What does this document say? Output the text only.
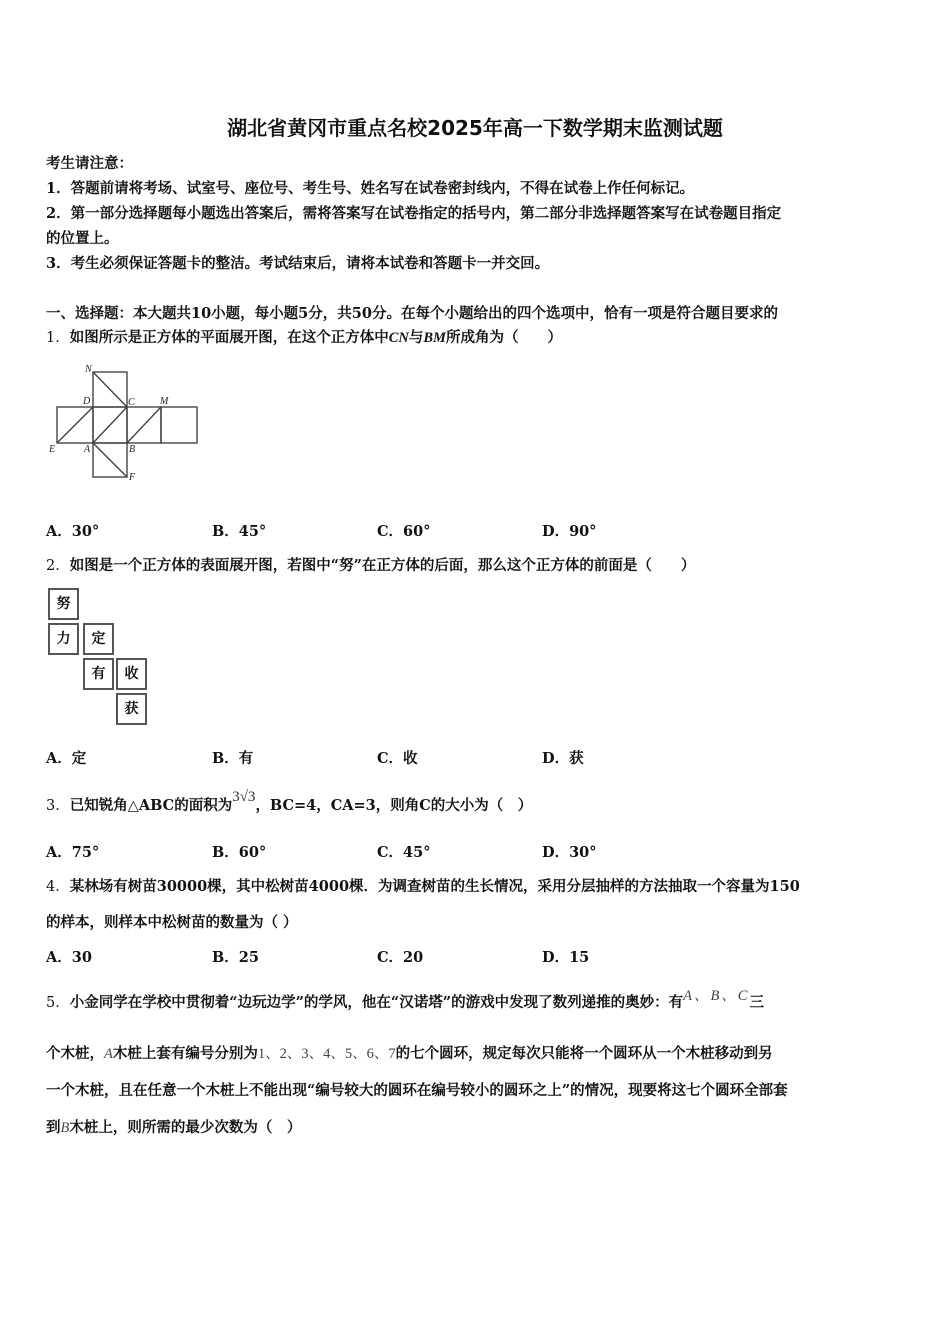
湖北省黄冈市重点名校2025年高一下数学期末监测试题
考生请注意：
1．答题前请将考场、试室号、座位号、考生号、姓名写在试卷密封线内，不得在试卷上作任何标记。
2．第一部分选择题每小题选出答案后，需将答案写在试卷指定的括号内，第二部分非选择题答案写在试卷题目指定
的位置上。
3．考生必须保证答题卡的整洁。考试结束后，请将本试卷和答题卡一并交回。
一、选择题：本大题共10小题，每小题5分，共50分。在每个小题给出的四个选项中，恰有一项是符合题目要求的
1．如图所示是正方体的平面展开图，在这个正方体中CN与BM所成角为（　　）
N
D	C	M
E	A	B
F
A．30°	B．45°	C．60°	D．90°
2．如图是一个正方体的表面展开图，若图中“努”在正方体的后面，那么这个正方体的前面是（　　）
努
力	定
有	收
获
A．定	B．有	C．收	D．获
3．已知锐角△ABC的面积为3√3，BC=4，CA=3，则角C的大小为（　）
A．75°	B．60°	C．45°	D．30°
4．某林场有树苗30000棵，其中松树苗4000棵．为调查树苗的生长情况，采用分层抽样的方法抽取一个容量为150
的样本，则样本中松树苗的数量为（ ）
A．30	B．25	C．20	D．15
5．小金同学在学校中贯彻着“边玩边学”的学风，他在“汉诺塔”的游戏中发现了数列递推的奥妙：有A、B、C三
个木桩，A木桩上套有编号分别为1、2、3、4、5、6、7的七个圆环，规定每次只能将一个圆环从一个木桩移动到另
一个木桩，且在任意一个木桩上不能出现“编号较大的圆环在编号较小的圆环之上”的情况，现要将这七个圆环全部套
到B木桩上，则所需的最少次数为（　）
